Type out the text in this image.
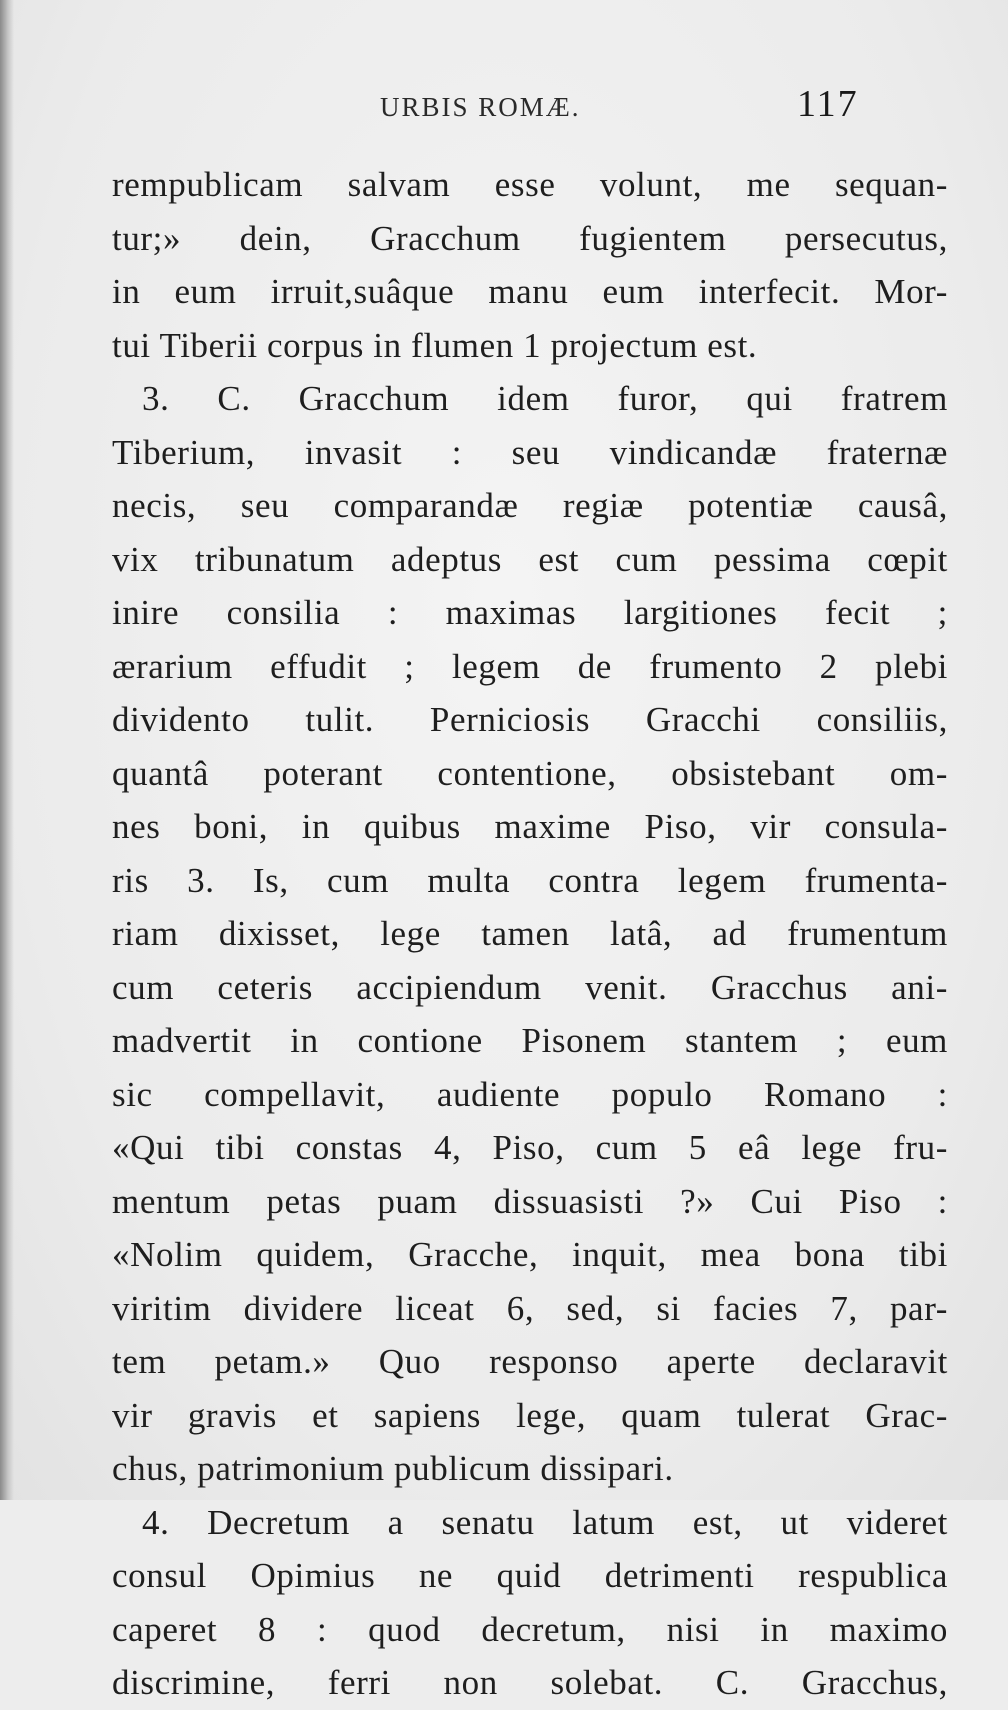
URBIS ROMÆ.	117
rempublicam salvam esse volunt, me sequan-
tur;» dein, Gracchum fugientem persecutus,
in eum irruit,suâque manu eum interfecit. Mor-
tui Tiberii corpus in flumen 1 projectum est.
3. C. Gracchum idem furor, qui fratrem
Tiberium, invasit : seu vindicandæ fraternæ
necis, seu comparandæ regiæ potentiæ causâ,
vix tribunatum adeptus est cum pessima cœpit
inire consilia : maximas largitiones fecit ;
ærarium effudit ; legem de frumento 2 plebi
dividento tulit. Perniciosis Gracchi consiliis,
quantâ poterant contentione, obsistebant om-
nes boni, in quibus maxime Piso, vir consula-
ris 3. Is, cum multa contra legem frumenta-
riam dixisset, lege tamen latâ, ad frumentum
cum ceteris accipiendum venit. Gracchus ani-
madvertit in contione Pisonem stantem ; eum
sic compellavit, audiente populo Romano :
«Qui tibi constas 4, Piso, cum 5 eâ lege fru-
mentum petas puam dissuasisti ?» Cui Piso :
«Nolim quidem, Gracche, inquit, mea bona tibi
viritim dividere liceat 6, sed, si facies 7, par-
tem petam.» Quo responso aperte declaravit
vir gravis et sapiens lege, quam tulerat Grac-
chus, patrimonium publicum dissipari.
4. Decretum a senatu latum est, ut videret
consul Opimius ne quid detrimenti respublica
caperet 8 : quod decretum, nisi in maximo
discrimine, ferri non solebat. C. Gracchus,
